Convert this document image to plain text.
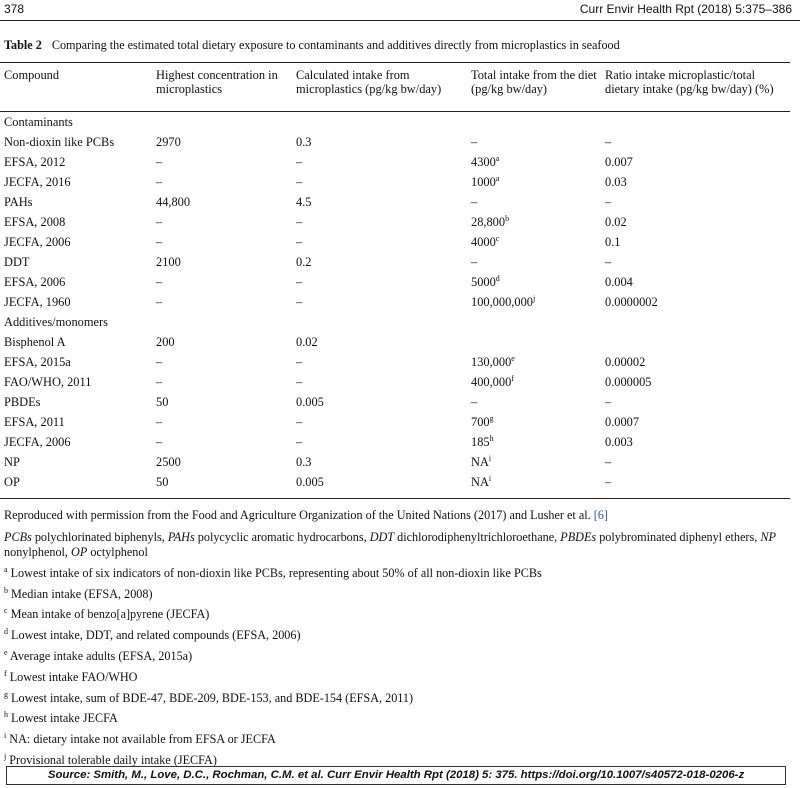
378	Curr Envir Health Rpt (2018) 5:375–386
Table 2 Comparing the estimated total dietary exposure to contaminants and additives directly from microplastics in seafood
Compound	Highest concentration in microplastics	Calculated intake from microplastics (pg/kg bw/day)	Total intake from the diet (pg/kg bw/day)	Ratio intake microplastic/total dietary intake (pg/kg bw/day) (%)
Contaminants				
Non-dioxin like PCBs	2970	0.3	–	–
EFSA, 2012	–	–	4300$^a$	0.007
JECFA, 2016	–	–	1000$^a$	0.03
PAHs	44,800	4.5	–	–
EFSA, 2008	–	–	28,800$^b$	0.02
JECFA, 2006	–	–	4000$^c$	0.1
DDT	2100	0.2	–	–
EFSA, 2006	–	–	5000$^d$	0.004
JECFA, 1960	–	–	100,000,000$^j$	0.0000002
Additives/monomers				
Bisphenol A	200	0.02		
EFSA, 2015a	–	–	130,000e	0.00002
FAO/WHO, 2011	–	–	400,000$^f$	0.000005
PBDEs	50	0.005	–	–
EFSA, 2011	–	–	700$^g$	0.0007
JECFA, 2006	–	–	185$^h$	0.003
NP	2500	0.3	$NA^i$	–
OP	50	0.005	$NA^i$	–

Reproduced with permission from the Food and Agriculture Organization of the United Nations (2017) and Lusher et al. [6]

PCBs polychlorinated biphenyls, PAHs polycyclic aromatic hydrocarbons, DDT dichlorodiphenyltrichloroethane, PBDEs polybrominated diphenyl ethers, NP nonylphenol, OP octylphenol

$^a$ Lowest intake of six indicators of non-dioxin like PCBs, representing about 50% of all non-dioxin like PCBs

$^b$ Median intake (EFSA, 2008)

$^c$ Mean intake of benzo[a]pyrene (JECFA)

$^d$ Lowest intake, DDT, and related compounds (EFSA, 2006)

$^e$ Average intake adults (EFSA, 2015a)

$^f$ Lowest intake FAO/WHO

$^g$ Lowest intake, sum of BDE-47, BDE-209, BDE-153, and BDE-154 (EFSA, 2011)

$^h$ Lowest intake JECFA

$^i$ NA: dietary intake not available from EFSA or JECFA

$^j$ Provisional tolerable daily intake (JECFA)

Source: Smith, M., Love, D.C., Rochman, C.M. et al. Curr Envir Health Rpt (2018) 5: 375. https://doi.org/10.1007/s40572-018-0206-z
